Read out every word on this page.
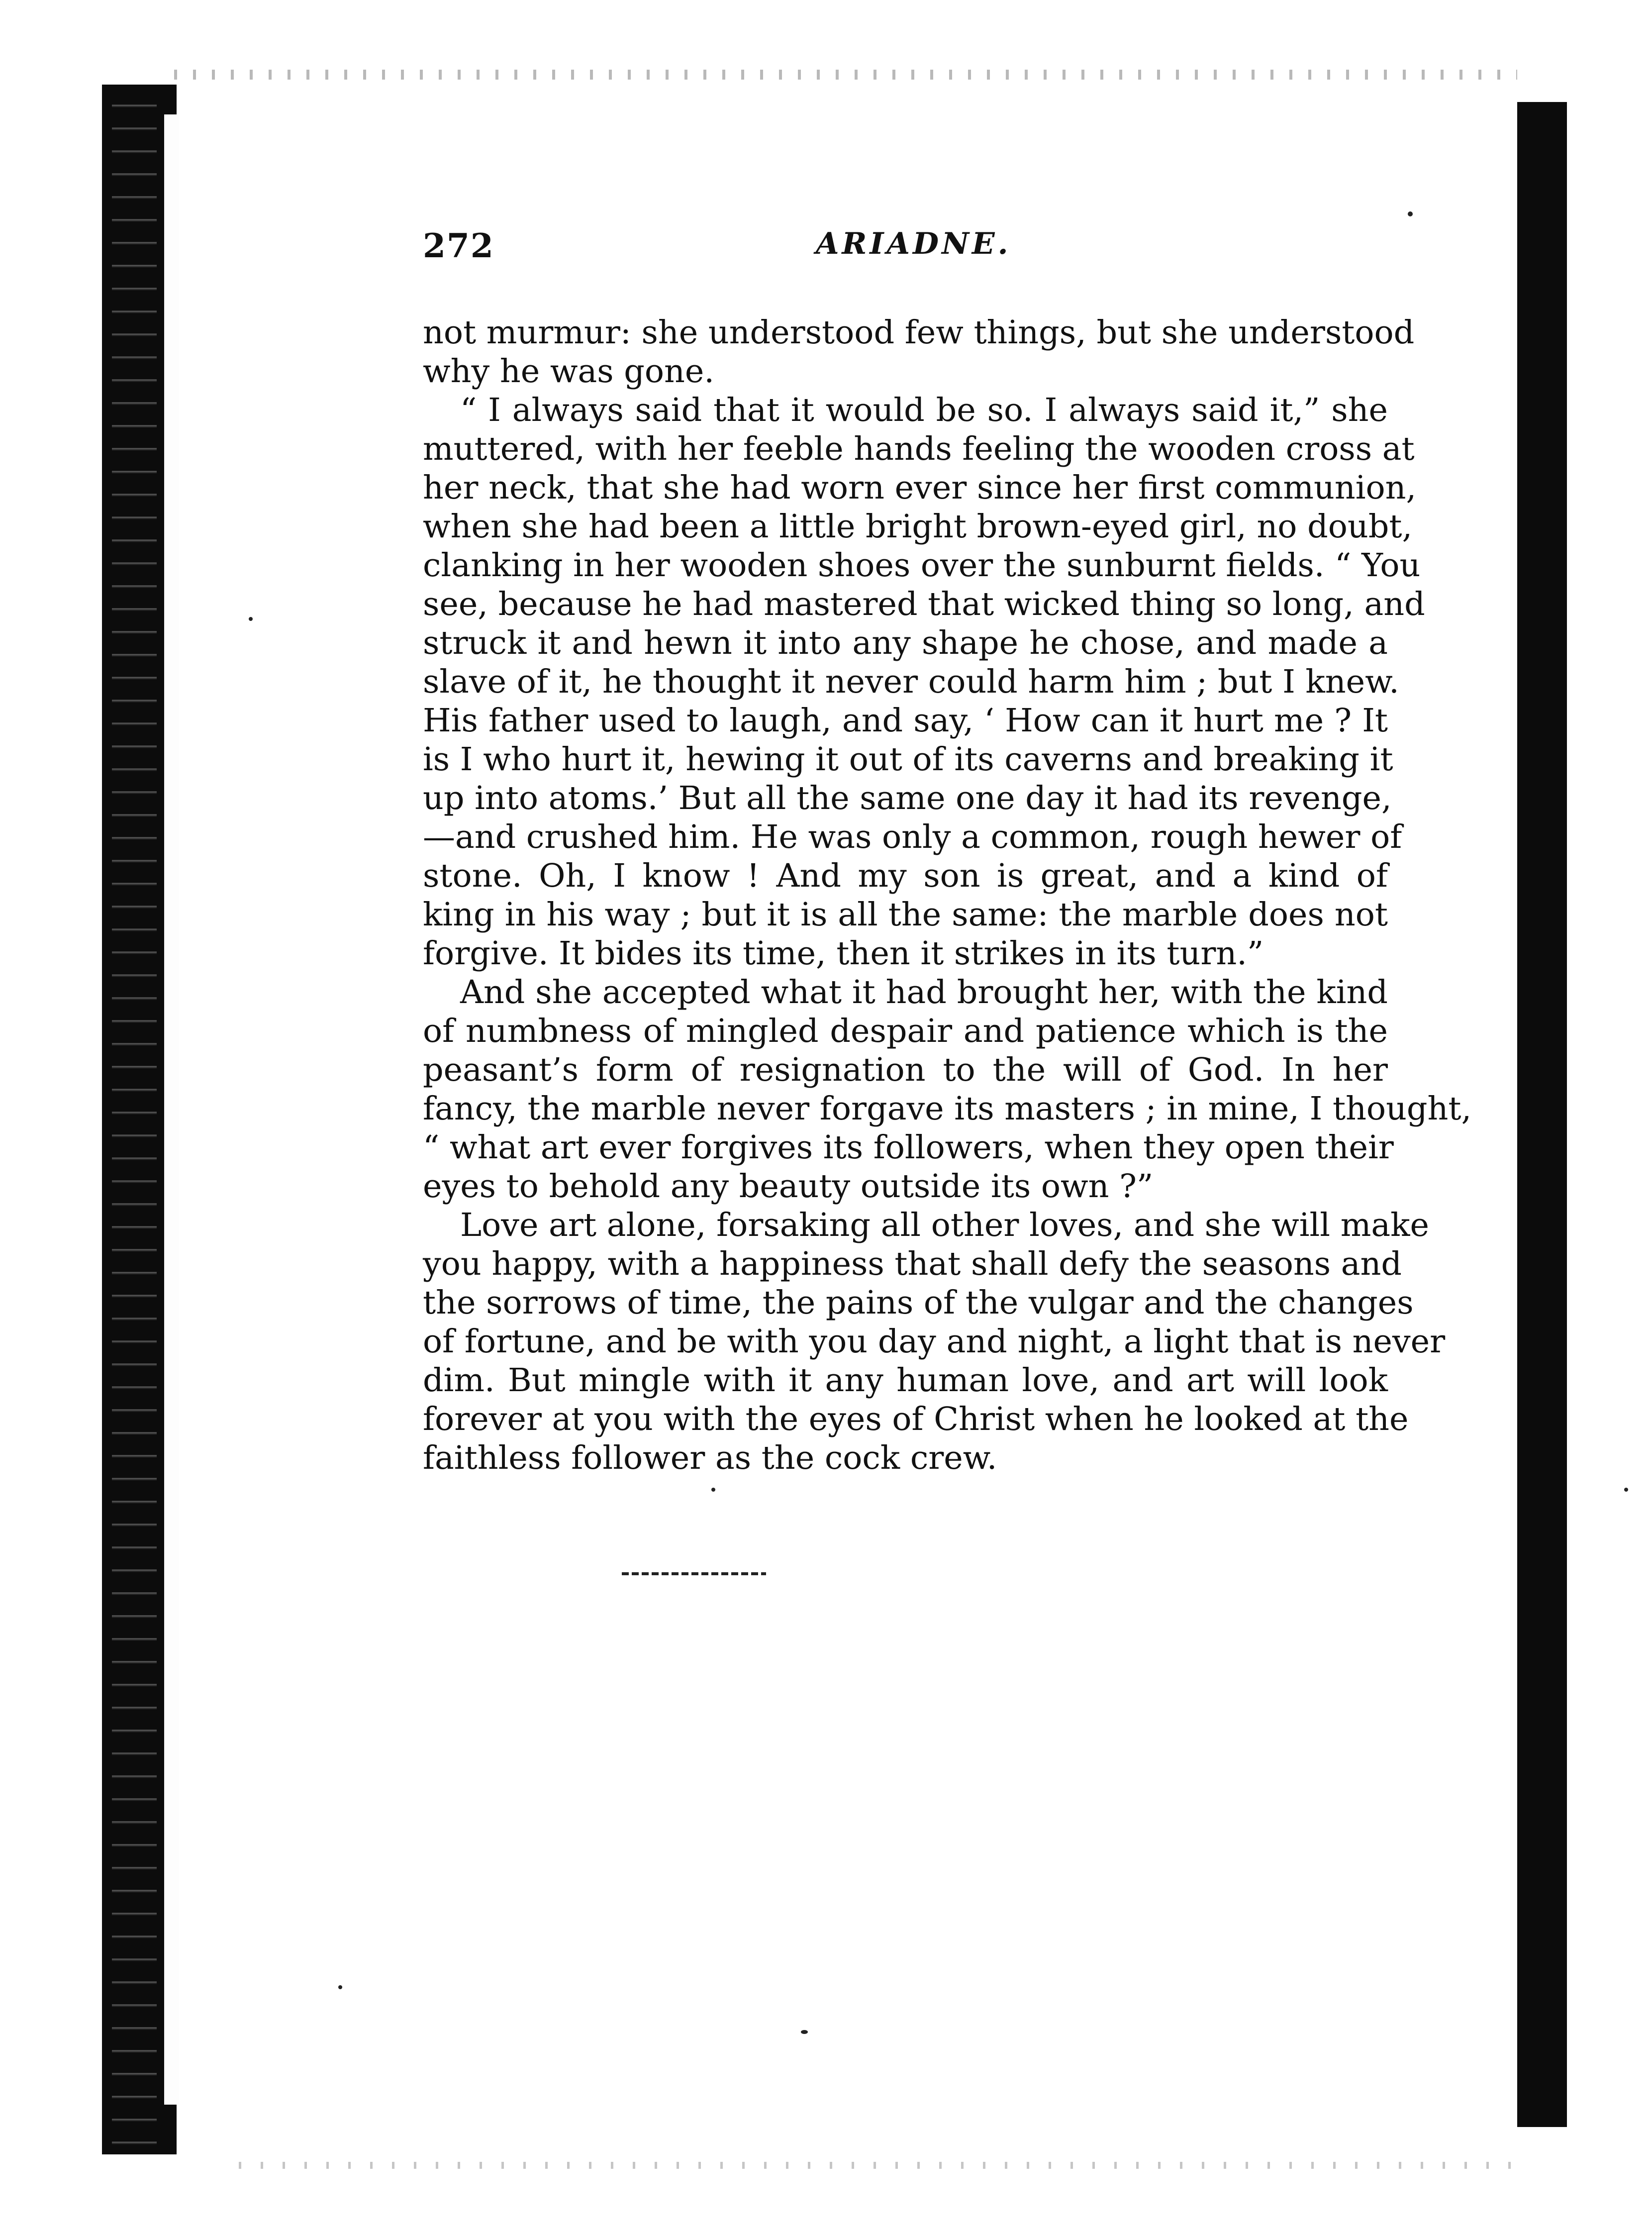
272	ARIADNE.
not murmur: she understood few things, but she understood
why he was gone.
“ I always said that it would be so. I always said it,” she
muttered, with her feeble hands feeling the wooden cross at
her neck, that she had worn ever since her first communion,
when she had been a little bright brown-eyed girl, no doubt,
clanking in her wooden shoes over the sunburnt fields. “ You
see, because he had mastered that wicked thing so long, and
struck it and hewn it into any shape he chose, and made a
slave of it, he thought it never could harm him ; but I knew.
His father used to laugh, and say, ‘ How can it hurt me ? It
is I who hurt it, hewing it out of its caverns and breaking it
up into atoms.’ But all the same one day it had its revenge,
—and crushed him. He was only a common, rough hewer of
stone. Oh, I know ! And my son is great, and a kind of
king in his way ; but it is all the same: the marble does not
forgive. It bides its time, then it strikes in its turn.”
And she accepted what it had brought her, with the kind
of numbness of mingled despair and patience which is the
peasant’s form of resignation to the will of God. In her
fancy, the marble never forgave its masters ; in mine, I thought,
“ what art ever forgives its followers, when they open their
eyes to behold any beauty outside its own ?”
Love art alone, forsaking all other loves, and she will make
you happy, with a happiness that shall defy the seasons and
the sorrows of time, the pains of the vulgar and the changes
of fortune, and be with you day and night, a light that is never
dim. But mingle with it any human love, and art will look
forever at you with the eyes of Christ when he looked at the
faithless follower as the cock crew.
